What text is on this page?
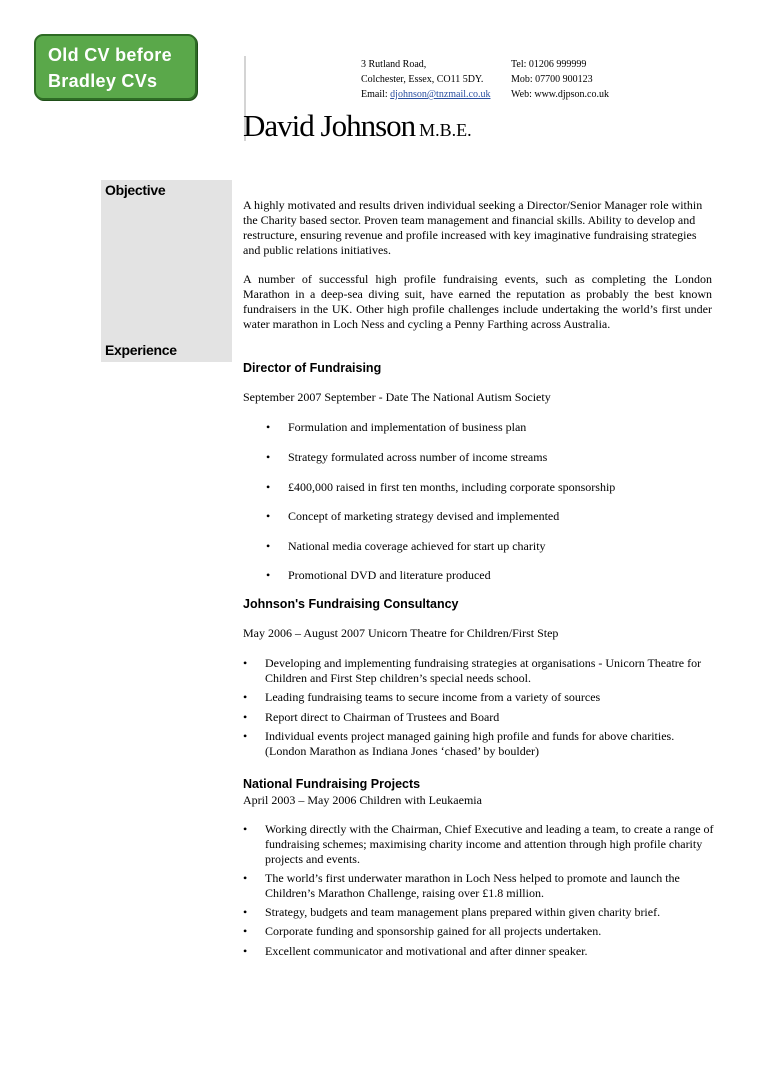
Old CV before
Bradley CVs
3 Rutland Road,
Colchester, Essex, CO11 5DY.
Email: djohnson@tnzmail.co.uk
Tel: 01206 999999
Mob: 07700 900123
Web: www.djpson.co.uk
David Johnson M.B.E.
Objective
Experience

A highly motivated and results driven individual seeking a Director/Senior Manager role within the Charity based sector. Proven team management and financial skills. Ability to develop and restructure, ensuring revenue and profile increased with key imaginative fundraising strategies and public relations initiatives.

A number of successful high profile fundraising events, such as completing the London Marathon in a deep-sea diving suit, have earned the reputation as probably the best known fundraisers in the UK. Other high profile challenges include undertaking the world’s first under water marathon in Loch Ness and cycling a Penny Farthing across Australia.

Director of Fundraising
September 2007 September - Date The National Autism Society
• Formulation and implementation of business plan
• Strategy formulated across number of income streams
• £400,000 raised in first ten months, including corporate sponsorship
• Concept of marketing strategy devised and implemented
• National media coverage achieved for start up charity
• Promotional DVD and literature produced
Johnson's Fundraising Consultancy
May 2006 – August 2007 Unicorn Theatre for Children/First Step
• Developing and implementing fundraising strategies at organisations - Unicorn Theatre for Children and First Step children’s special needs school.
• Leading fundraising teams to secure income from a variety of sources
• Report direct to Chairman of Trustees and Board
• Individual events project managed gaining high profile and funds for above charities. (London Marathon as Indiana Jones ‘chased’ by boulder)
National Fundraising Projects
April 2003 – May 2006 Children with Leukaemia
• Working directly with the Chairman, Chief Executive and leading a team, to create a range of fundraising schemes; maximising charity income and attention through high profile charity projects and events.
• The world’s first underwater marathon in Loch Ness helped to promote and launch the Children’s Marathon Challenge, raising over £1.8 million.
• Strategy, budgets and team management plans prepared within given charity brief.
• Corporate funding and sponsorship gained for all projects undertaken.
• Excellent communicator and motivational and after dinner speaker.
